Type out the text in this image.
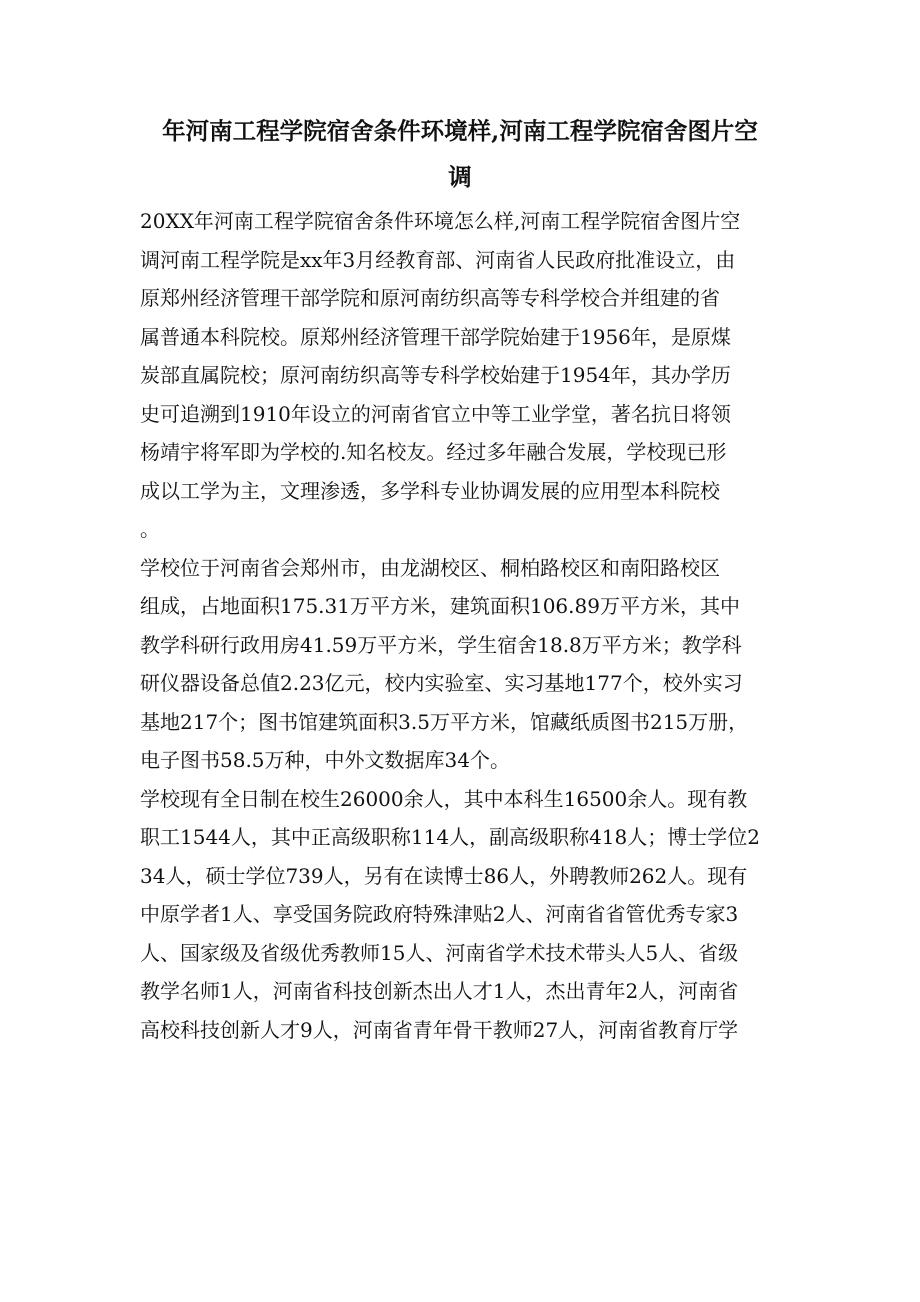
年河南工程学院宿舍条件环境样,河南工程学院宿舍图片空
调

20XX年河南工程学院宿舍条件环境怎么样,河南工程学院宿舍图片空
调河南工程学院是xx年3月经教育部、河南省人民政府批准设立，由
原郑州经济管理干部学院和原河南纺织高等专科学校合并组建的省
属普通本科院校。原郑州经济管理干部学院始建于1956年，是原煤
炭部直属院校；原河南纺织高等专科学校始建于1954年，其办学历
史可追溯到1910年设立的河南省官立中等工业学堂，著名抗日将领
杨靖宇将军即为学校的.知名校友。经过多年融合发展，学校现已形
成以工学为主，文理渗透，多学科专业协调发展的应用型本科院校
。

学校位于河南省会郑州市，由龙湖校区、桐柏路校区和南阳路校区
组成，占地面积175.31万平方米，建筑面积106.89万平方米，其中
教学科研行政用房41.59万平方米，学生宿舍18.8万平方米；教学科
研仪器设备总值2.23亿元，校内实验室、实习基地177个，校外实习
基地217个；图书馆建筑面积3.5万平方米，馆藏纸质图书215万册，
电子图书58.5万种，中外文数据库34个。

学校现有全日制在校生26000余人，其中本科生16500余人。现有教
职工1544人，其中正高级职称114人，副高级职称418人；博士学位2
34人，硕士学位739人，另有在读博士86人，外聘教师262人。现有
中原学者1人、享受国务院政府特殊津贴2人、河南省省管优秀专家3
人、国家级及省级优秀教师15人、河南省学术技术带头人5人、省级
教学名师1人，河南省科技创新杰出人才1人，杰出青年2人，河南省
高校科技创新人才9人，河南省青年骨干教师27人，河南省教育厅学
